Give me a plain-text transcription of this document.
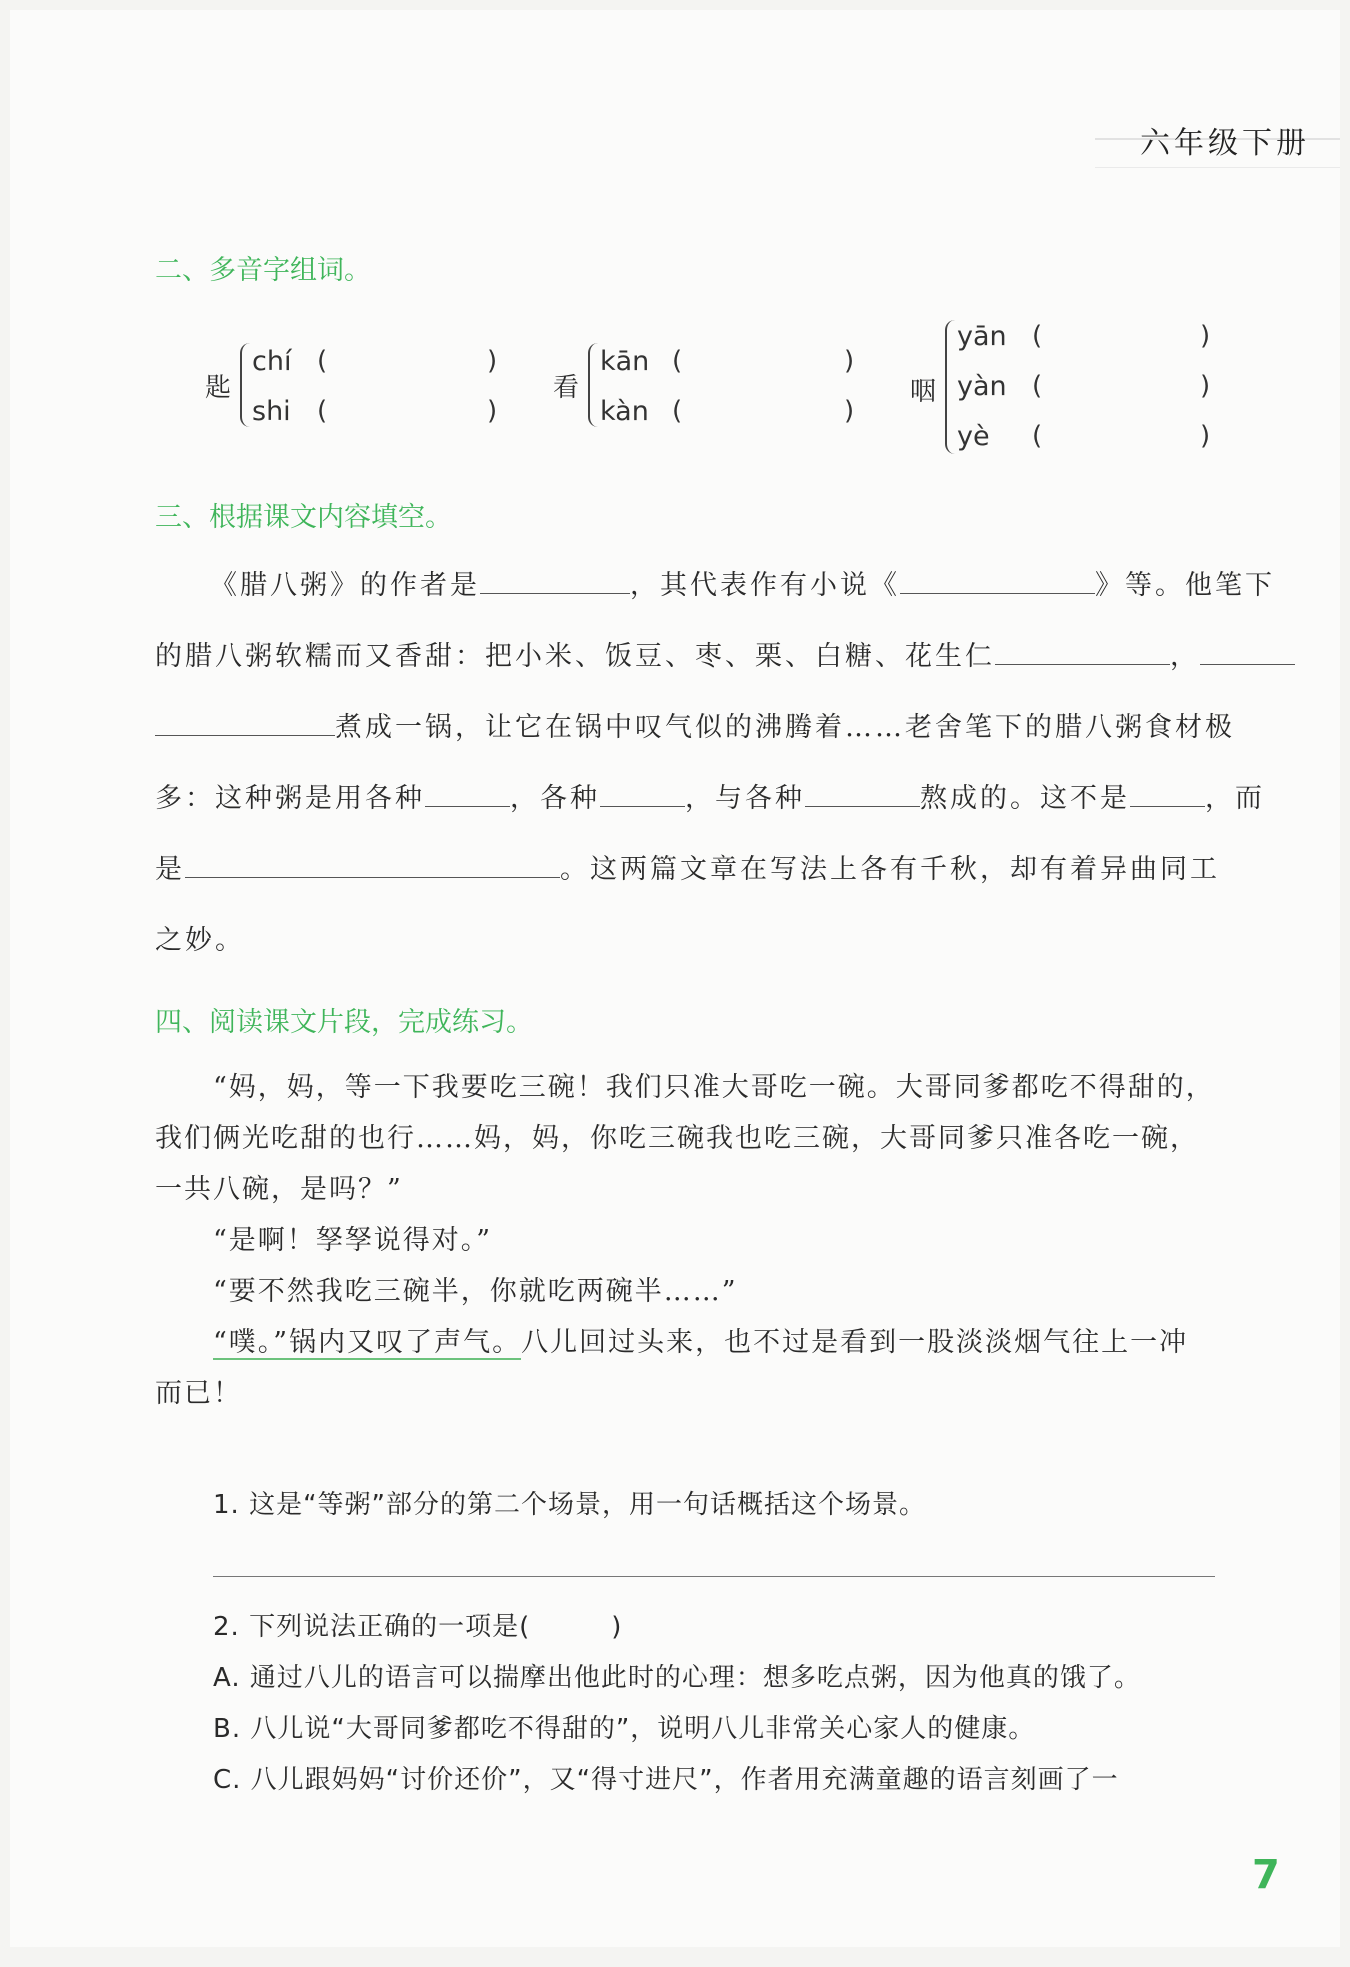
六年级下册
二、多音字组词。
匙
chí (	)
shi (	)
看
kān (	)
kàn (	)
咽
yān (	)
yàn (	)
yè (	)
三、根据课文内容填空。
《腊八粥》的作者是	，其代表作有小说《	》等。他笔下
的腊八粥软糯而又香甜：把小米、饭豆、枣、栗、白糖、花生仁	，
煮成一锅，让它在锅中叹气似的沸腾着……老舍笔下的腊八粥食材极
多：这种粥是用各种	，各种	，与各种	熬成的。这不是	，而
是	。这两篇文章在写法上各有千秋，却有着异曲同工
之妙。
四、阅读课文片段，完成练习。

“妈，妈，等一下我要吃三碗！我们只准大哥吃一碗。大哥同爹都吃不得甜的，我们俩光吃甜的也行……妈，妈，你吃三碗我也吃三碗，大哥同爹只准各吃一碗，一共八碗，是吗？”

“是啊！孥孥说得对。”

“要不然我吃三碗半，你就吃两碗半……”

“噗。”锅内又叹了声气。八儿回过头来，也不过是看到一股淡淡烟气往上一冲而已！

1. 这是“等粥”部分的第二个场景，用一句话概括这个场景。
2. 下列说法正确的一项是(　　　)
A. 通过八儿的语言可以揣摩出他此时的心理：想多吃点粥，因为他真的饿了。
B. 八儿说“大哥同爹都吃不得甜的”，说明八儿非常关心家人的健康。
C. 八儿跟妈妈“讨价还价”，又“得寸进尺”，作者用充满童趣的语言刻画了一
7
